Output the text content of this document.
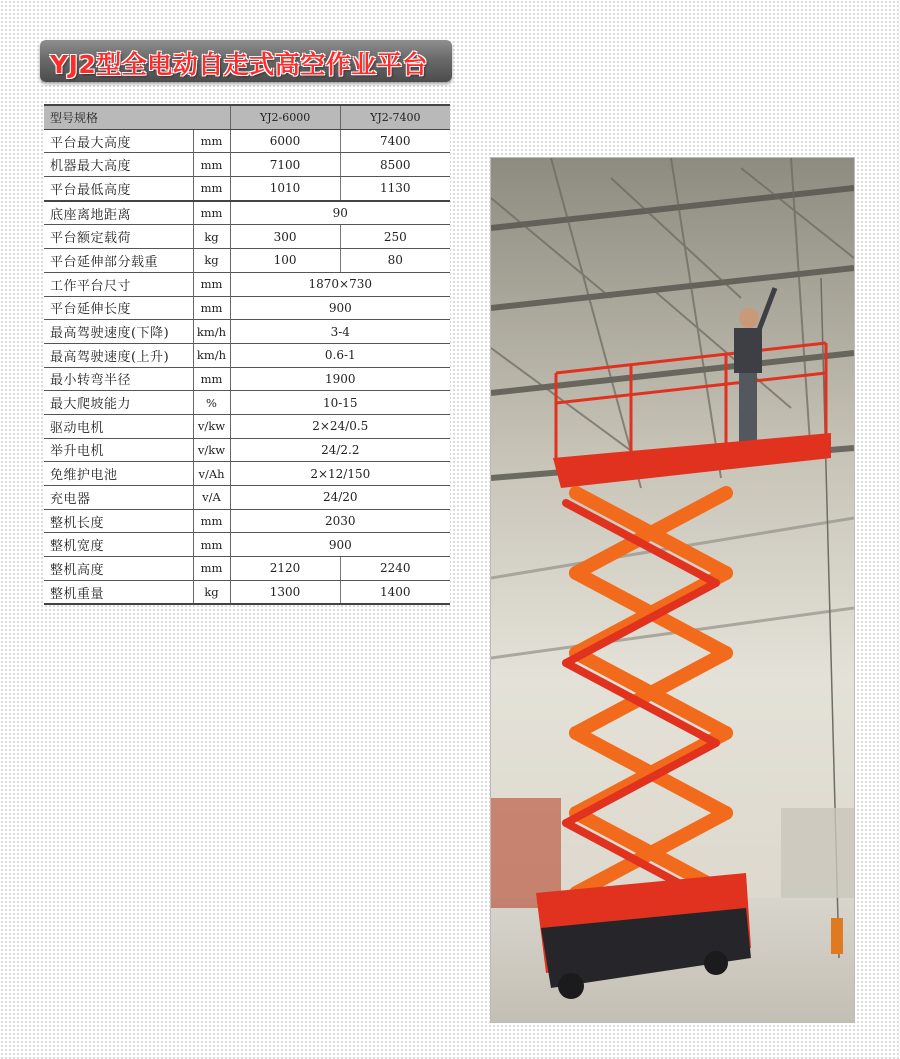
YJ2型全电动自走式高空作业平台
型号规格		YJ2-6000	YJ2-7400
平台最大高度	mm	6000	7400
机器最大高度	mm	7100	8500
平台最低高度	mm	1010	1130
底座离地距离	mm	90	
平台额定载荷	kg	300	250
平台延伸部分载重	kg	100	80
工作平台尺寸	mm	1870×730	
平台延伸长度	mm	900	
最高驾驶速度(下降)	km/h	3-4	
最高驾驶速度(上升)	km/h	0.6-1	
最小转弯半径	mm	1900	
最大爬坡能力	%	10-15	
驱动电机	v/kw	2×24/0.5	
举升电机	v/kw	24/2.2	
免维护电池	v/Ah	2×12/150	
充电器	v/A	24/20	
整机长度	mm	2030	
整机宽度	mm	900	
整机高度	mm	2120	2240
整机重量	kg	1300	1400
